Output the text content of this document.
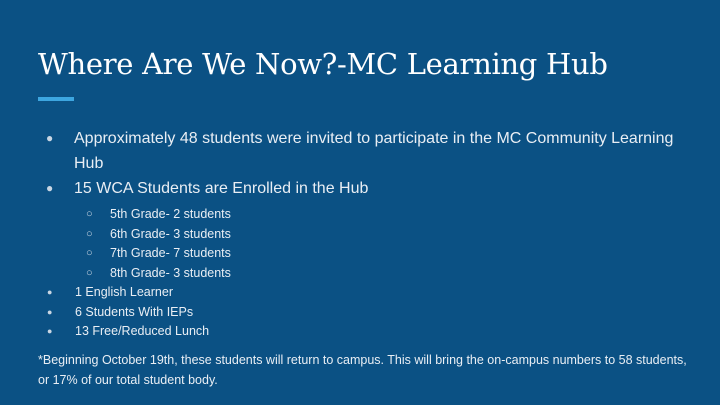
Where Are We Now?-MC Learning Hub
● Approximately 48 students were invited to participate in the MC Community Learning Hub
● 15 WCA Students are Enrolled in the Hub
○ 5th Grade- 2 students
○ 6th Grade- 3 students
○ 7th Grade- 7 students
○ 8th Grade- 3 students
● 1 English Learner
● 6 Students With IEPs
● 13 Free/Reduced Lunch
*Beginning October 19th, these students will return to campus. This will bring the on-campus numbers to 58 students, or 17% of our total student body.
